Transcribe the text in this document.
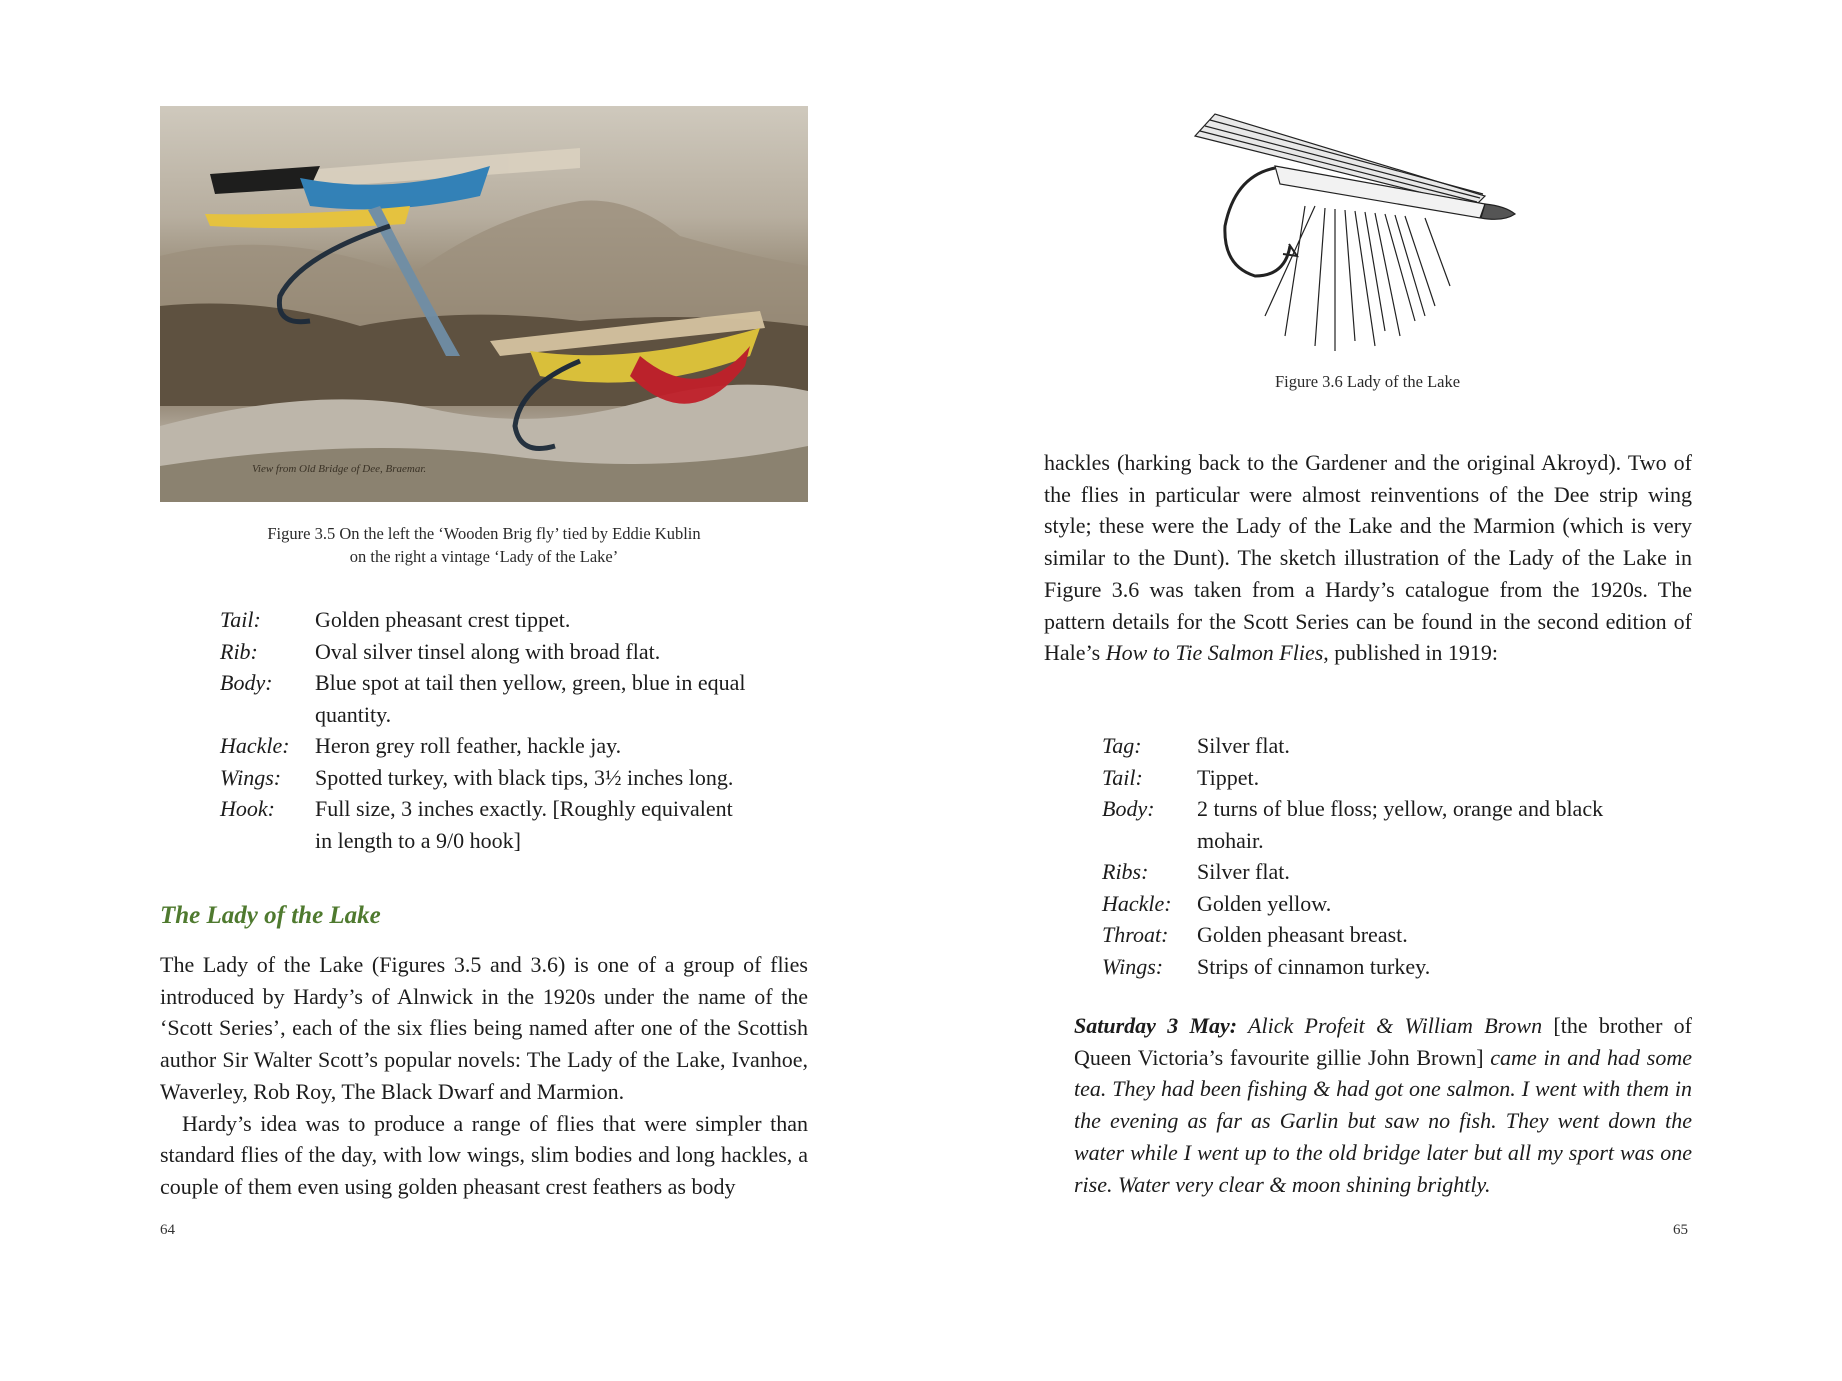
View from Old Bridge of Dee, Braemar.
Figure 3.5 On the left the ‘Wooden Brig fly’ tied by Eddie Kublin
on the right a vintage ‘Lady of the Lake’
Tail:	Golden pheasant crest tippet.
Rib:	Oval silver tinsel along with broad flat.
Body:	Blue spot at tail then yellow, green, blue in equal quantity.
Hackle:	Heron grey roll feather, hackle jay.
Wings:	Spotted turkey, with black tips, 3½ inches long.
Hook:	Full size, 3 inches exactly. [Roughly equivalent in length to a 9/0 hook]
The Lady of the Lake

The Lady of the Lake (Figures 3.5 and 3.6) is one of a group of flies introduced by Hardy’s of Alnwick in the 1920s under the name of the ‘Scott Series’, each of the six flies being named after one of the Scottish author Sir Walter Scott’s popular novels: The Lady of the Lake, Ivanhoe, Waverley, Rob Roy, The Black Dwarf and Marmion.

Hardy’s idea was to produce a range of flies that were simpler than standard flies of the day, with low wings, slim bodies and long hackles, a couple of them even using golden pheasant crest feathers as body

64
Figure 3.6 Lady of the Lake

hackles (harking back to the Gardener and the original Akroyd). Two of the flies in particular were almost reinventions of the Dee strip wing style; these were the Lady of the Lake and the Marmion (which is very similar to the Dunt). The sketch illustration of the Lady of the Lake in Figure 3.6 was taken from a Hardy’s catalogue from the 1920s. The pattern details for the Scott Series can be found in the second edition of Hale’s How to Tie Salmon Flies, published in 1919:

Tag:	Silver flat.
Tail:	Tippet.
Body:	2 turns of blue floss; yellow, orange and black mohair.
Ribs:	Silver flat.
Hackle:	Golden yellow.
Throat:	Golden pheasant breast.
Wings:	Strips of cinnamon turkey.
Saturday 3 May: Alick Profeit & William Brown [the brother of Queen Victoria’s favourite gillie John Brown] came in and had some tea. They had been fishing & had got one salmon. I went with them in the evening as far as Garlin but saw no fish. They went down the water while I went up to the old bridge later but all my sport was one rise. Water very clear & moon shining brightly.
65
